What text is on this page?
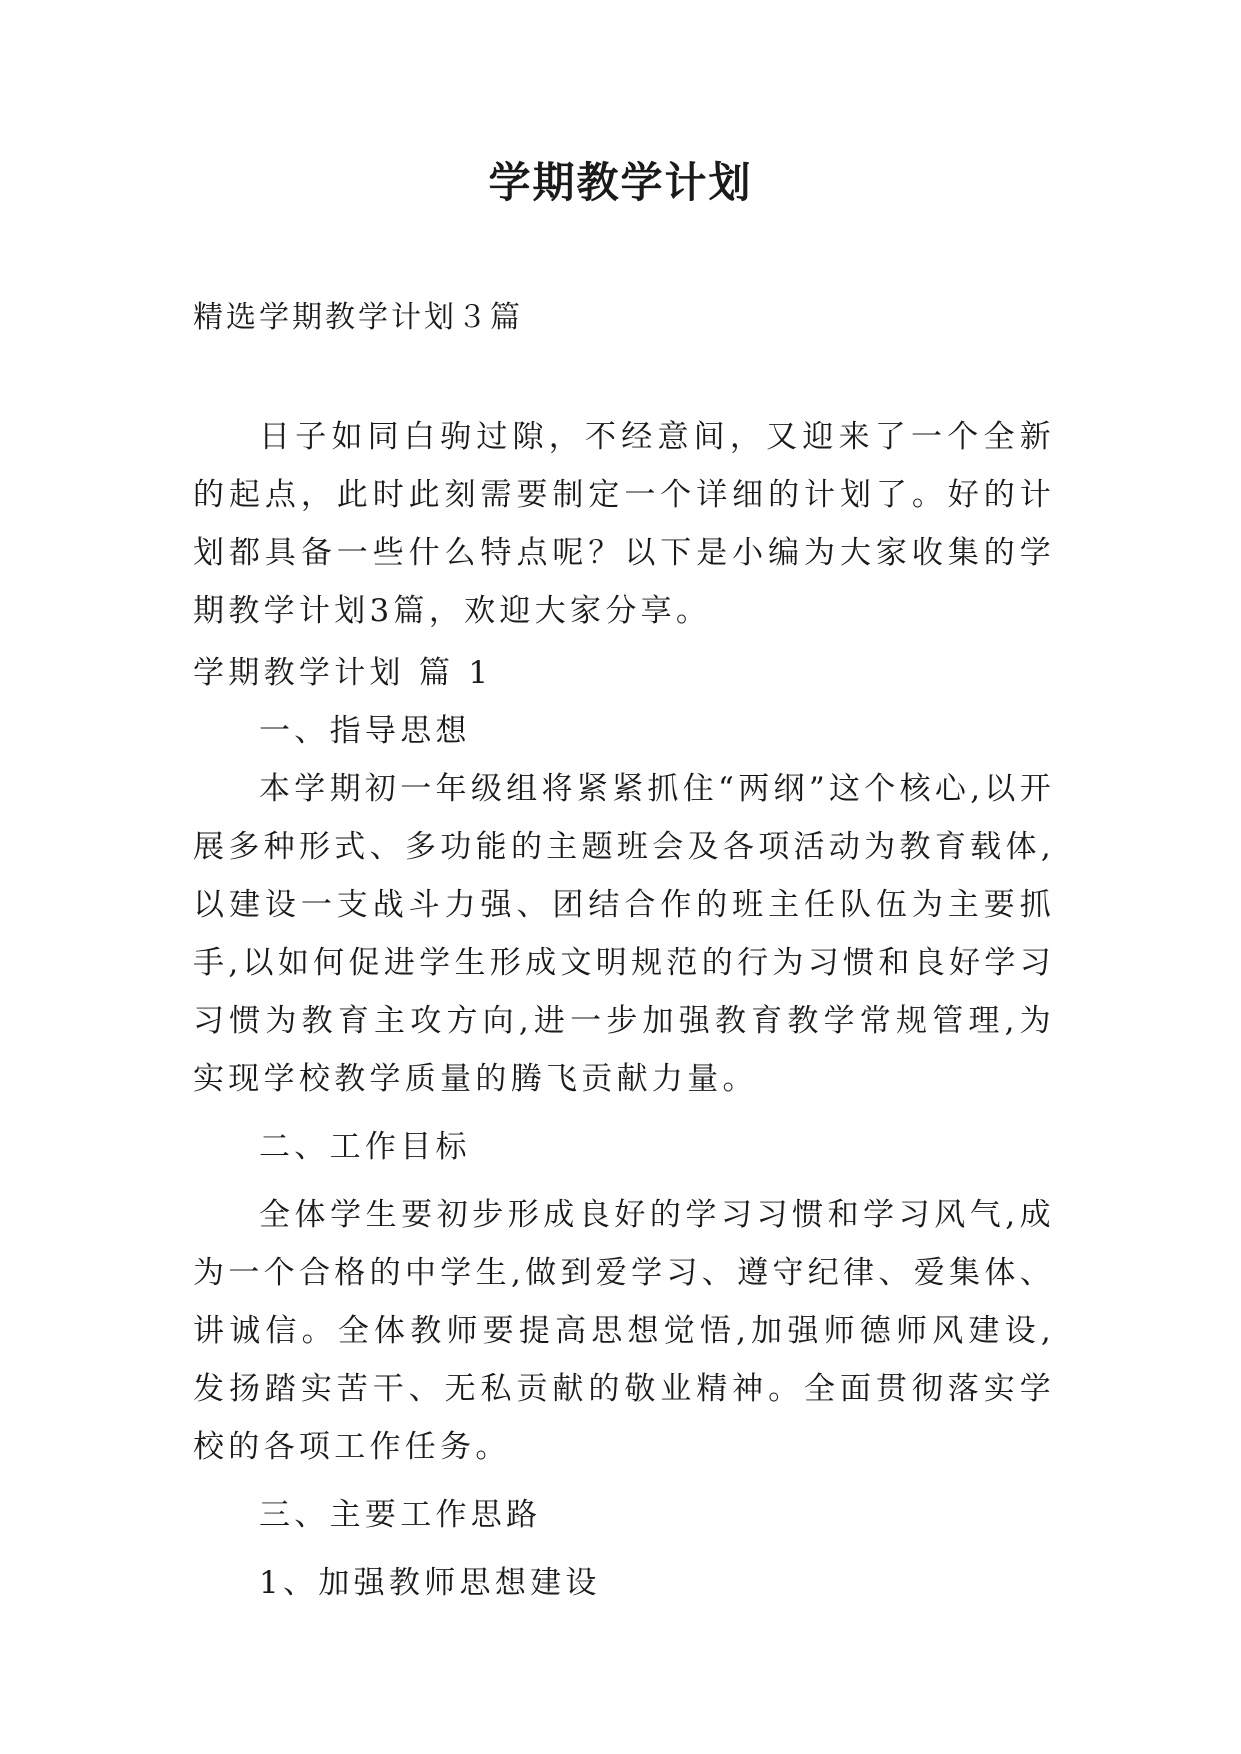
学期教学计划
精选学期教学计划３篇

日子如同白驹过隙，不经意间，又迎来了一个全新的起点，此时此刻需要制定一个详细的计划了。好的计划都具备一些什么特点呢？以下是小编为大家收集的学期教学计划3篇，欢迎大家分享。

学期教学计划 篇 1

一、指导思想

本学期初一年级组将紧紧抓住“两纲”这个核心,以开展多种形式、多功能的主题班会及各项活动为教育载体,以建设一支战斗力强、团结合作的班主任队伍为主要抓手,以如何促进学生形成文明规范的行为习惯和良好学习习惯为教育主攻方向,进一步加强教育教学常规管理,为实现学校教学质量的腾飞贡献力量。

二、工作目标

全体学生要初步形成良好的学习习惯和学习风气,成为一个合格的中学生,做到爱学习、遵守纪律、爱集体、讲诚信。全体教师要提高思想觉悟,加强师德师风建设,发扬踏实苦干、无私贡献的敬业精神。全面贯彻落实学校的各项工作任务。

三、主要工作思路

1、加强教师思想建设
